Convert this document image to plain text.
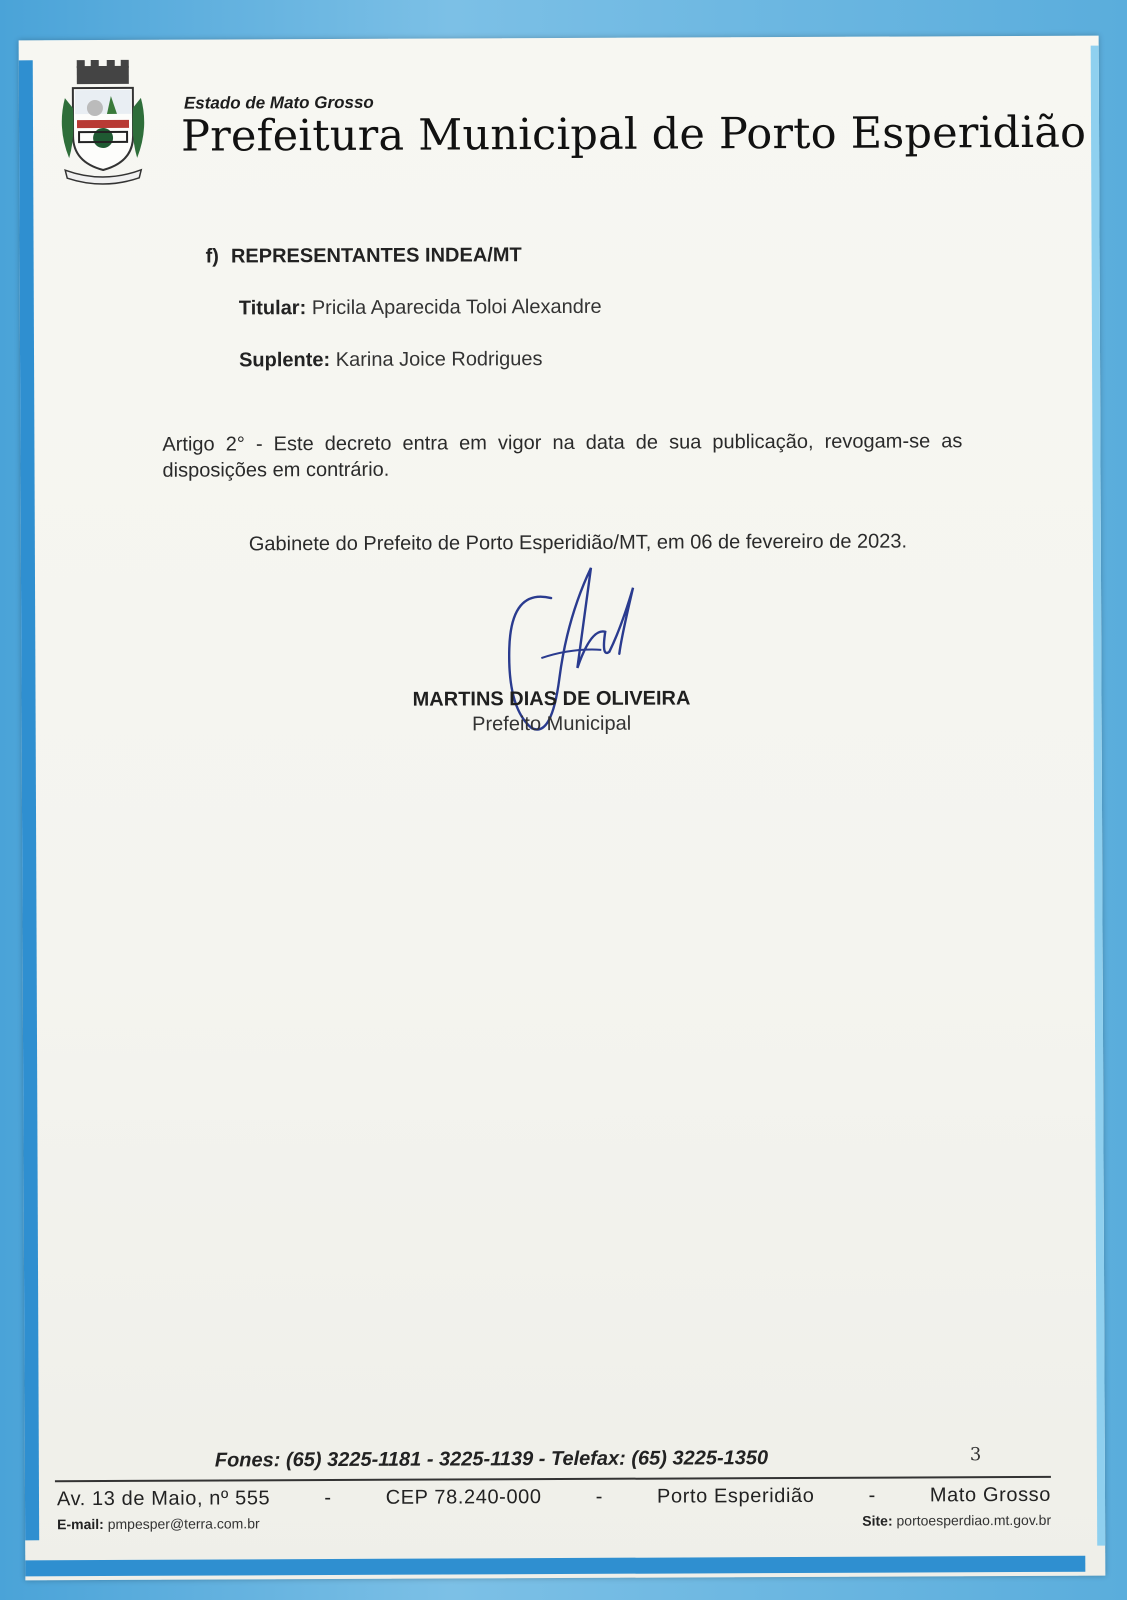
Estado de Mato Grosso
Prefeitura Municipal de Porto Esperidião
f) REPRESENTANTES INDEA/MT
Titular: Pricila Aparecida Toloi Alexandre
Suplente: Karina Joice Rodrigues
Artigo 2° - Este decreto entra em vigor na data de sua publicação, revogam-se as disposições em contrário.
Gabinete do Prefeito de Porto Esperidião/MT, em 06 de fevereiro de 2023.
MARTINS DIAS DE OLIVEIRA
Prefeito Municipal
Fones: (65) 3225-1181 - 3225-1139 - Telefax: (65) 3225-1350	3
Av. 13 de Maio, nº 555	-	CEP 78.240-000	-	Porto Esperidião	-	Mato Grosso
E-mail: pmpesper@terra.com.br	Site: portoesperdiao.mt.gov.br
